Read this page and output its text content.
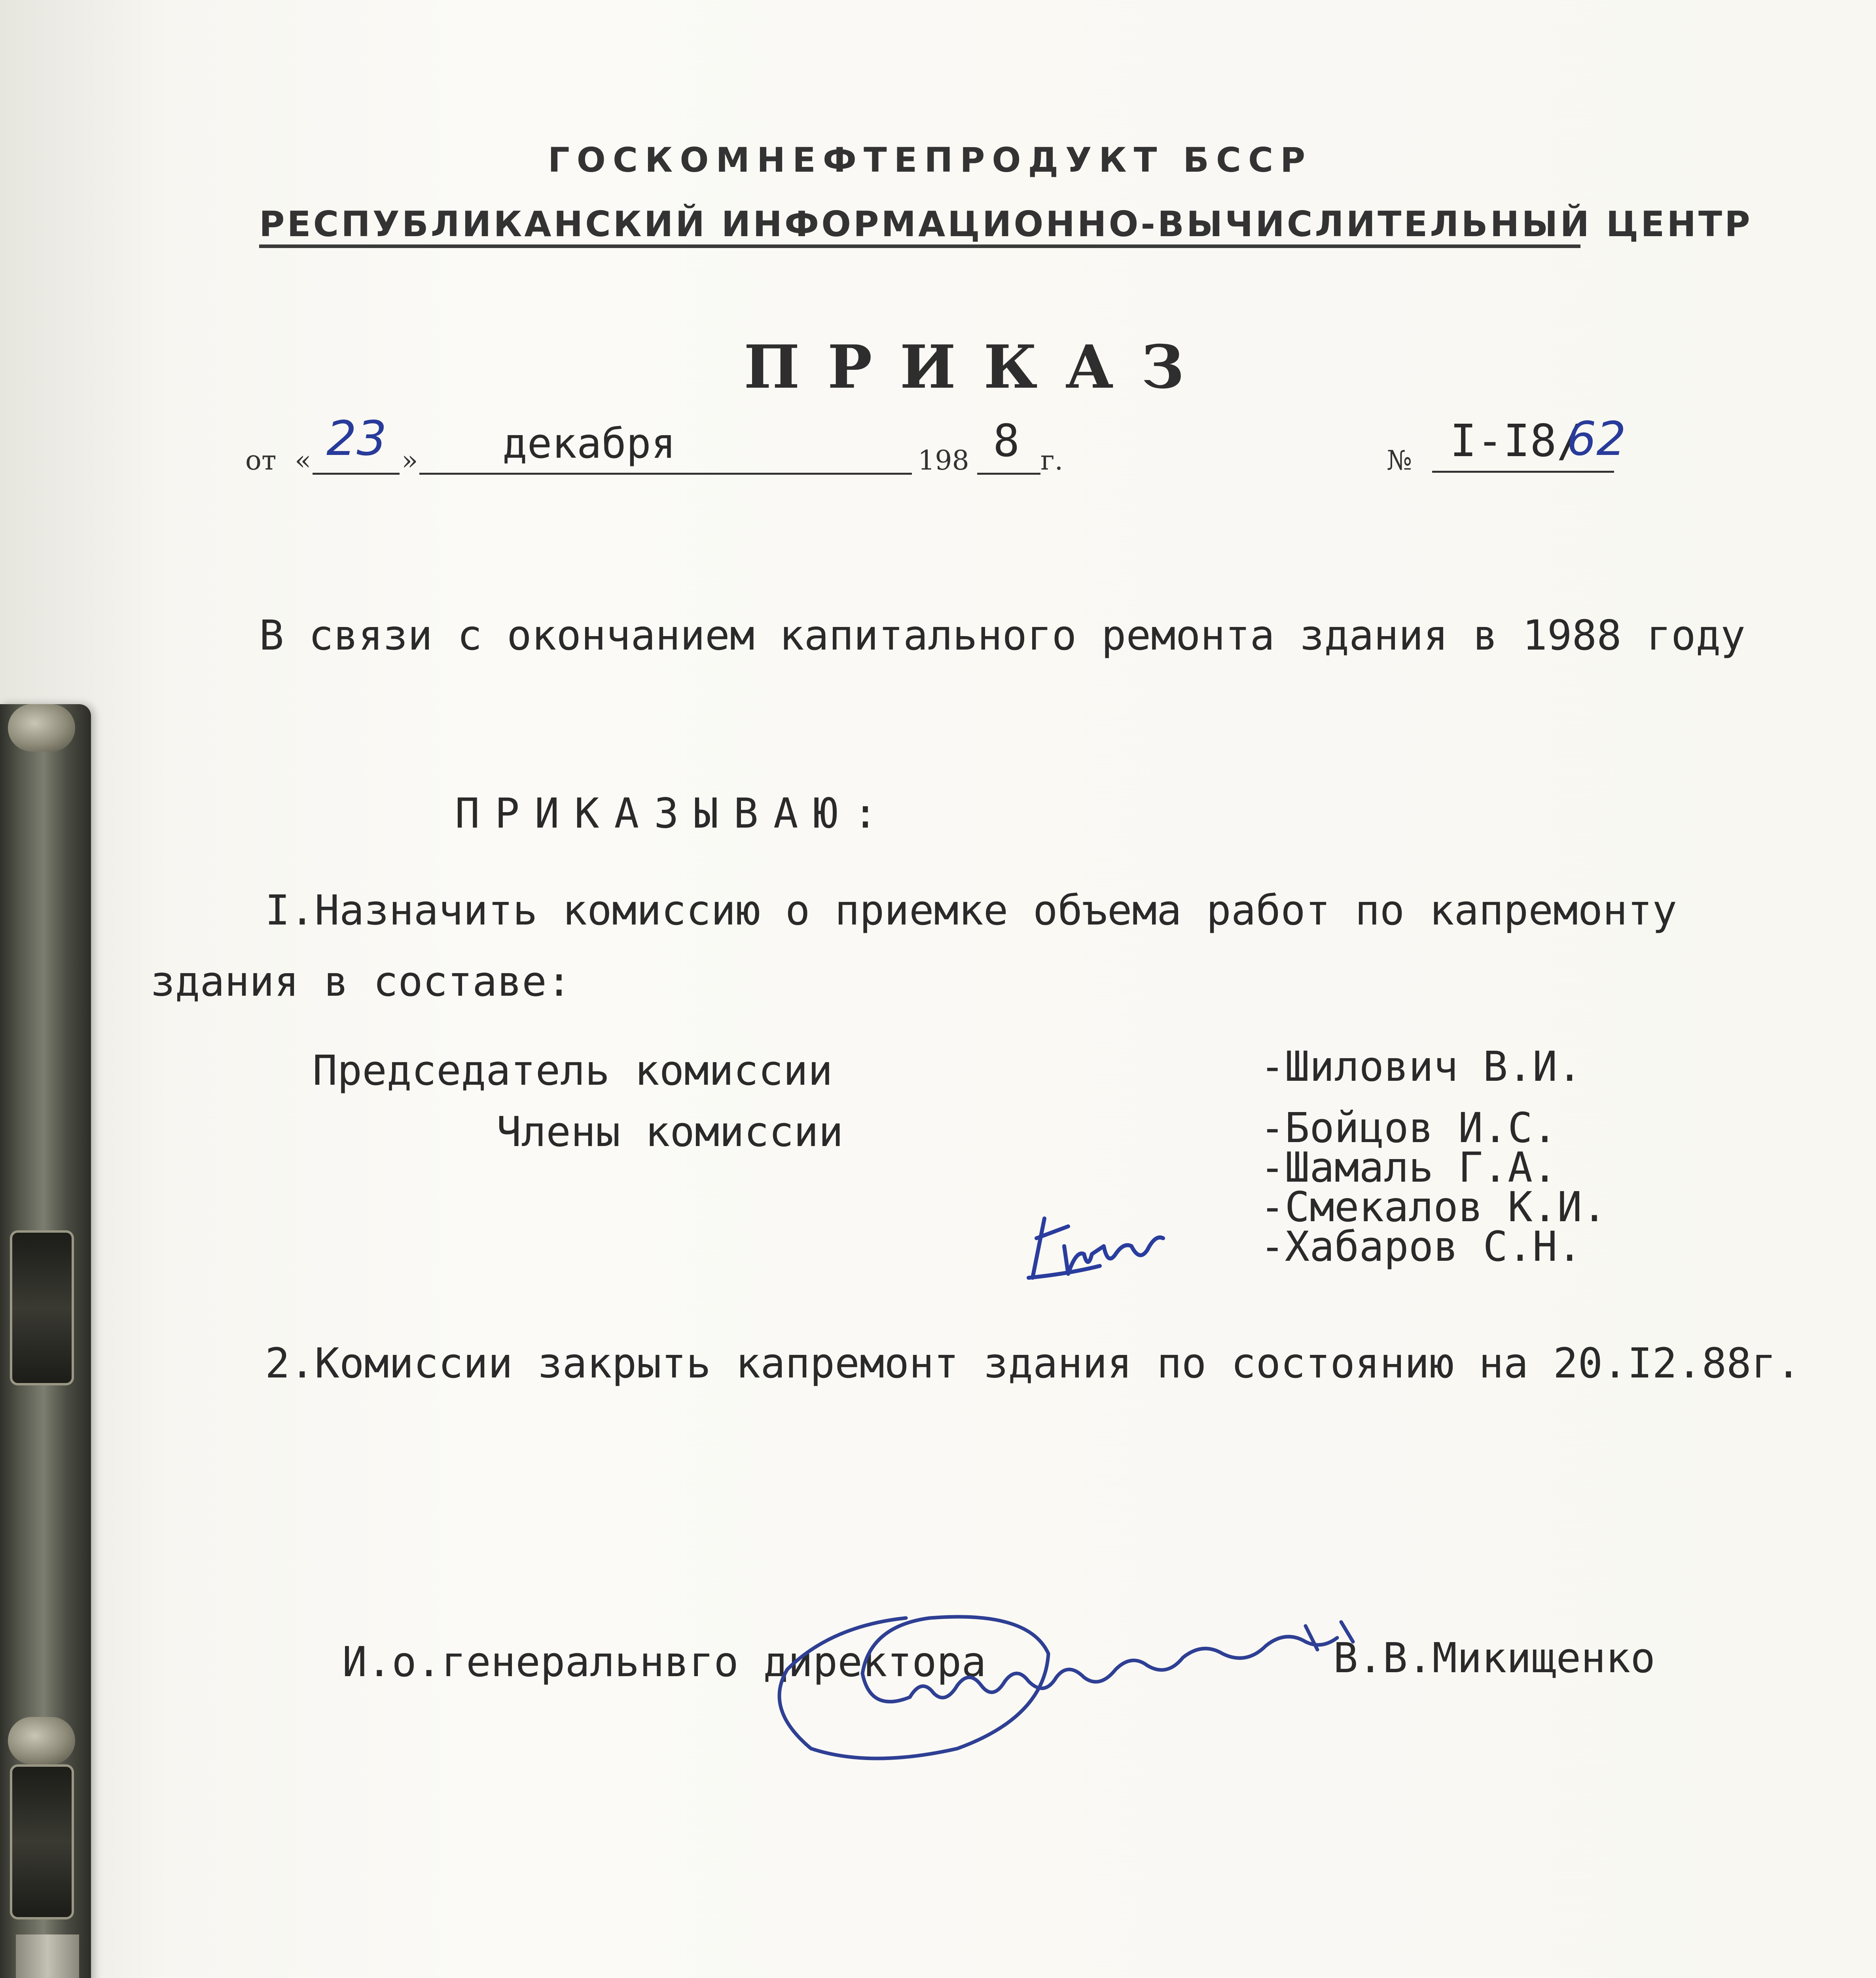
ГОСКОМНЕФТЕПРОДУКТ БССР
РЕСПУБЛИКАНСКИЙ ИНФОРМАЦИОННО-ВЫЧИСЛИТЕЛЬНЫЙ ЦЕНТР
ПРИКАЗ
от « 23 » декабря	198 8 г.	№ I-I8/
62
В связи с окончанием капитального ремонта здания в 1988 году
ПРИКАЗЫВАЮ:
I.Назначить комиссию о приемке объема работ по капремонту
здания в составе:
Председатель комиссии	-Шилович В.И.
Члены комиссии	-Бойцов И.С.
-Шамаль Г.А.
-Смекалов К.И.
-Хабаров С.Н.
2.Комиссии закрыть капремонт здания по состоянию на 20.I2.88г.
И.о.генеральнвго директора	В.В.Микищенко
